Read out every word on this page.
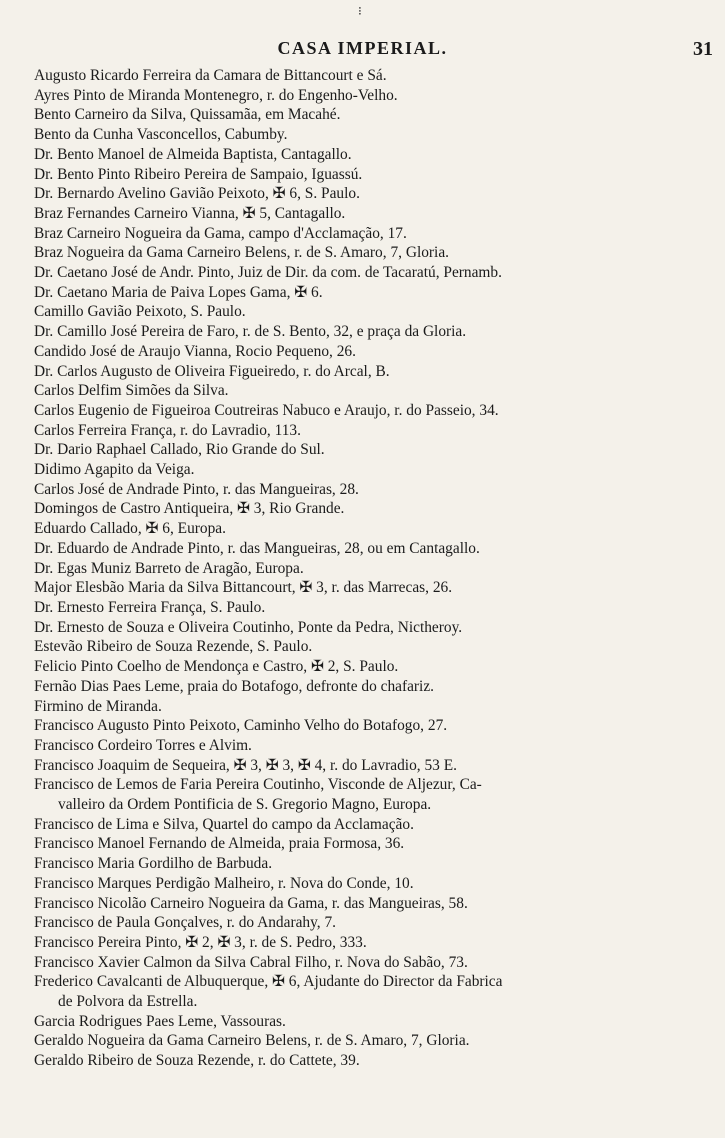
⁝
CASA IMPERIAL.	31
Augusto Ricardo Ferreira da Camara de Bittancourt e Sá.
Ayres Pinto de Miranda Montenegro, r. do Engenho-Velho.
Bento Carneiro da Silva, Quissamãa, em Macahé.
Bento da Cunha Vasconcellos, Cabumby.
Dr. Bento Manoel de Almeida Baptista, Cantagallo.
Dr. Bento Pinto Ribeiro Pereira de Sampaio, Iguassú.
Dr. Bernardo Avelino Gavião Peixoto, ✠ 6, S. Paulo.
Braz Fernandes Carneiro Vianna, ✠ 5, Cantagallo.
Braz Carneiro Nogueira da Gama, campo d'Acclamação, 17.
Braz Nogueira da Gama Carneiro Belens, r. de S. Amaro, 7, Gloria.
Dr. Caetano José de Andr. Pinto, Juiz de Dir. da com. de Tacaratú, Pernamb.
Dr. Caetano Maria de Paiva Lopes Gama, ✠ 6.
Camillo Gavião Peixoto, S. Paulo.
Dr. Camillo José Pereira de Faro, r. de S. Bento, 32, e praça da Gloria.
Candido José de Araujo Vianna, Rocio Pequeno, 26.
Dr. Carlos Augusto de Oliveira Figueiredo, r. do Arcal, B.
Carlos Delfim Simões da Silva.
Carlos Eugenio de Figueiroa Coutreiras Nabuco e Araujo, r. do Passeio, 34.
Carlos Ferreira França, r. do Lavradio, 113.
Dr. Dario Raphael Callado, Rio Grande do Sul.
Didimo Agapito da Veiga.
Carlos José de Andrade Pinto, r. das Mangueiras, 28.
Domingos de Castro Antiqueira, ✠ 3, Rio Grande.
Eduardo Callado, ✠ 6, Europa.
Dr. Eduardo de Andrade Pinto, r. das Mangueiras, 28, ou em Cantagallo.
Dr. Egas Muniz Barreto de Aragão, Europa.
Major Elesbão Maria da Silva Bittancourt, ✠ 3, r. das Marrecas, 26.
Dr. Ernesto Ferreira França, S. Paulo.
Dr. Ernesto de Souza e Oliveira Coutinho, Ponte da Pedra, Nictheroy.
Estevão Ribeiro de Souza Rezende, S. Paulo.
Felicio Pinto Coelho de Mendonça e Castro, ✠ 2, S. Paulo.
Fernão Dias Paes Leme, praia do Botafogo, defronte do chafariz.
Firmino de Miranda.
Francisco Augusto Pinto Peixoto, Caminho Velho do Botafogo, 27.
Francisco Cordeiro Torres e Alvim.
Francisco Joaquim de Sequeira, ✠ 3, ✠ 3, ✠ 4, r. do Lavradio, 53 E.
Francisco de Lemos de Faria Pereira Coutinho, Visconde de Aljezur, Ca-
valleiro da Ordem Pontificia de S. Gregorio Magno, Europa.
Francisco de Lima e Silva, Quartel do campo da Acclamação.
Francisco Manoel Fernando de Almeida, praia Formosa, 36.
Francisco Maria Gordilho de Barbuda.
Francisco Marques Perdigão Malheiro, r. Nova do Conde, 10.
Francisco Nicolão Carneiro Nogueira da Gama, r. das Mangueiras, 58.
Francisco de Paula Gonçalves, r. do Andarahy, 7.
Francisco Pereira Pinto, ✠ 2, ✠ 3, r. de S. Pedro, 333.
Francisco Xavier Calmon da Silva Cabral Filho, r. Nova do Sabão, 73.
Frederico Cavalcanti de Albuquerque, ✠ 6, Ajudante do Director da Fabrica
de Polvora da Estrella.
Garcia Rodrigues Paes Leme, Vassouras.
Geraldo Nogueira da Gama Carneiro Belens, r. de S. Amaro, 7, Gloria.
Geraldo Ribeiro de Souza Rezende, r. do Cattete, 39.
